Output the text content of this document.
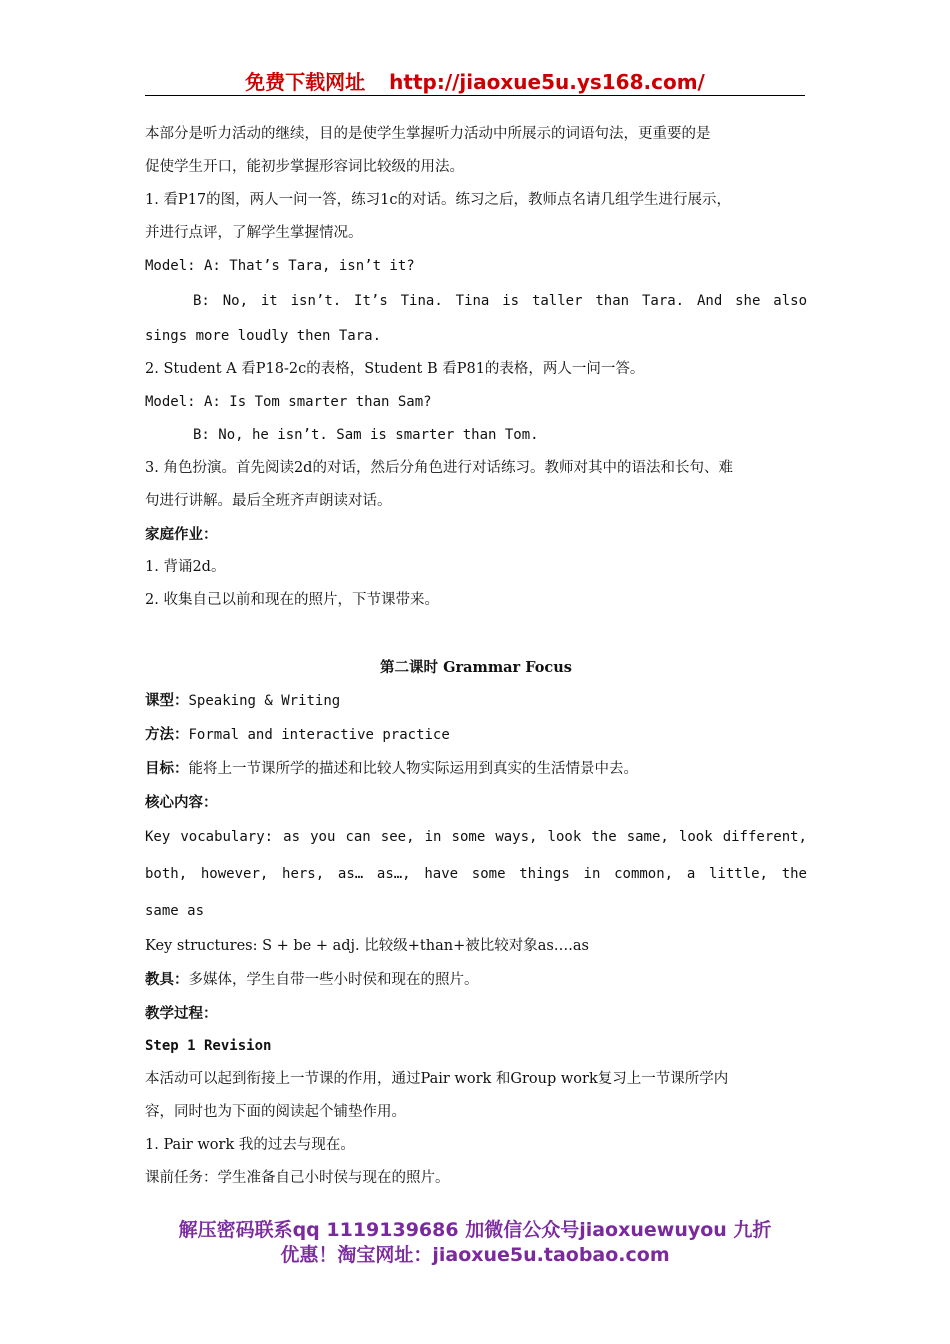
免费下载网址 http://jiaoxue5u.ys168.com/

本部分是听力活动的继续，目的是使学生掌握听力活动中所展示的词语句法，更重要的是

促使学生开口，能初步掌握形容词比较级的用法。

1. 看P17的图，两人一问一答，练习1c的对话。练习之后，教师点名请几组学生进行展示，

并进行点评，了解学生掌握情况。

Model: A: That’s Tara, isn’t it?

B: No, it isn’t. It’s Tina. Tina is taller than Tara. And she also

sings more loudly then Tara.

2. Student A 看P18-2c的表格，Student B 看P81的表格，两人一问一答。

Model: A: Is Tom smarter than Sam?

B: No, he isn’t. Sam is smarter than Tom.

3. 角色扮演。首先阅读2d的对话，然后分角色进行对话练习。教师对其中的语法和长句、难

句进行讲解。最后全班齐声朗读对话。

家庭作业：

1. 背诵2d。

2. 收集自己以前和现在的照片，下节课带来。

第二课时 Grammar Focus

课型：Speaking & Writing

方法：Formal and interactive practice

目标：能将上一节课所学的描述和比较人物实际运用到真实的生活情景中去。

核心内容：

Key vocabulary: as you can see, in some ways, look the same, look different,

both, however, hers, as… as…, have some things in common, a little, the

same as

Key structures: S + be + adj. 比较级+than+被比较对象as….as

教具：多媒体，学生自带一些小时侯和现在的照片。

教学过程：

Step 1 Revision

本活动可以起到衔接上一节课的作用，通过Pair work 和Group work复习上一节课所学内

容，同时也为下面的阅读起个铺垫作用。

1. Pair work 我的过去与现在。

课前任务：学生准备自己小时侯与现在的照片。

解压密码联系qq 1119139686 加微信公众号jiaoxuewuyou 九折
优惠！淘宝网址：jiaoxue5u.taobao.com
